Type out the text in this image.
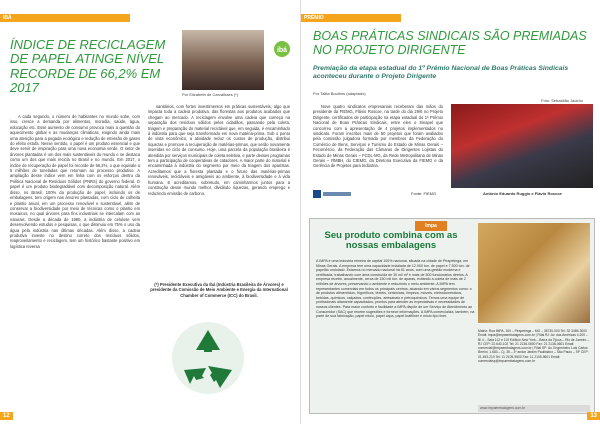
IBÁ
ÍNDICE DE RECICLAGEM DE PAPEL ATINGE NÍVEL RECORDE DE 66,2% EM 2017	Por Elizabeth de Carvalhaes (*)
ibá

A cada segundo, o número de habitantes no mundo sobe, com isso, cresce a demanda por alimentos, moradia, saúde, água, educação etc. Esse aumento de consumo provoca mais a questão do aquecimento global e as mudanças climáticas, exigindo ainda mais uma atenção para a pegada ecológica e redução de emissão de gases do efeito estufa. Nesse sentido, o papel é um produto essencial e que deve servir de inspiração para uma nova economia verde. O setor de árvores plantadas é um dos mais sustentáveis do mundo e se destaca como um dos que mais recicla no Brasil e no mundo. Em 2017, o índice de recuperação de papel foi recorde de 66,2%, o que equivale a 5 milhões de toneladas que retornam ao processo produtivo. A ampliação desse índice vem em linha com os esforços dentro da Política Nacional de Resíduos Sólidos (PNRS) do governo federal. O papel é um produto biodegradável com decomposição natural. Além disso, no Brasil, 100% da produção de papel, incluindo os de embalagens, tem origem nas árvores plantadas, com ciclo de colheita e plantio anual, em um processo renovável e sustentável, além de conservar a biodiversidade por meio de técnicas como o plantio em mosaicos, no qual árvores para fins industriais se intercalam com as naturais. Desde a década de 1980, a indústria de celulose vem desenvolvendo estudos e pesquisas, o que diminuiu em 75% o uso da água pela indústria nas últimas décadas. Além disso, a cadeia produtiva investe no destino correto dos resíduos sólidos, reaproveitamento e reciclagem, tem um histórico bastante positivo em logística reversa

sanitários, com fortes investimentos em práticas sustentáveis, algo que impacta toda a cadeia produtiva, das florestas aos produtos acabados que chegam ao mercado. A reciclagem envolve uma cadeia que começa na separação dos resíduos sólidos pelos cidadãos, passando pela coleta, triagem e preparação do material reciclável que, em seguida, é encaminhado à indústria para que seja transformado em nova matéria-prima. Sob o ponto de vista econômico, a atividade reduz os custos de produção, distribui riquezas e promove a recuperação de matérias-primas, que serão novamente inseridas no ciclo de consumo. Hoje, uma parcela da população brasileira é atendida por serviços municipais de coleta seletiva, e parte desses programas tem a participação de cooperativas de catadores. A maior parte do material é encaminhada à indústria do segmento por meio da triagem dos aparistas. Acreditamos que a floresta plantada e o futuro das matérias-primas renováveis, recicláveis e amigáveis ao ambiente, à biodiversidade e à vida humana. E acreditamos, sobretudo, em caminharmos juntos para a construção desse mundo melhor, dividindo riquezas, gerando emprego e reduzindo emissão de carbono.

(*) Presidente Executiva da Ibá (Indústria Brasileira de Árvores) e presidente da Comissão de Meio Ambiente e Energia da International Chamber of Commerce (ICC) do Brasil.
12
PRÊMIO
BOAS PRÁTICAS SINDICAIS SÃO PREMIADAS NO PROJETO DIRIGENTE
Premiação da etapa estadual do 1º Prêmio Nacional de Boas Práticas Sindicais aconteceu durante o Projeto Dirigente
Por Talita Boulhos (adaptado)
Foto: Sebastião Jacinto

Nove quatro sindicatos empresariais receberam das mãos do presidente da FIEMG, Flávio Roscoe, na tarde do dia 29/6 no Projeto Dirigente, certificados de participação na etapa estadual do 1º Prêmio Nacional de Boas Práticas Sindicais, entre eles o Sinapel que concorreu com a apresentação de 4 projetos implementados no sindicato. Foram inscritos mais de 50 projetos que foram avaliados pela comissão julgadora formada por membros da Federação do Comércio de Bens, Serviços e Turismo do Estado de Minas Gerais – Fecomércio, da Federação das Câmaras de Dirigentes Lojistas do Estado de Minas Gerais – FCDL-MG, da Rede Metropolitana de Minas Gerais – RMBH, do CIEMG, da Diretoria Executiva da FIEMG e da Gerência de Projetos para Indústria.

Fonte: FIEMG	Antônio Eduardo Ruggio e Flávio Roscoe
Impa
Seu produto combina com as nossas embalagens
A IMPA é uma indústria mineira de capital 100% nacional, situada na cidade de Pirapetinga, em Minas Gerais. A empresa tem uma capacidade instalada de 12.000 ton. de papel e 7.500 ton. de papelão ondulado. Estamos no mercado nacional há 61 anos, com uma gestão moderna e certificada, trabalhando com área construída de 30 mil m² e mais de 500 funcionários diretos. A empresa recebe, anualmente, cerca de 150 mil ton. de aparas, evitando a coleta de mais de 2 milhões de árvores, preservando o ambiente e reduzindo o meio ambiente. A IMPA tem representantes comerciais em todos os principais centros, atuando em vários segmentos como: o de produtos alimentícios, frigoríficos, têxteis, cerâmicas, limpeza, móveis, eletrodomésticos, bebidas, químicos, calçados, confecções, artesanato e petroquímicos. Temos uma equipe de profissionais altamente capacitados, prontos para atender as expectativas e necessidades de nossos clientes. Para maior conforto e facilidade a IMPA dispõe de um Serviço de Atendimento ao Consumidor (SAC) que recebe sugestões e fornece informações. A IMPA comercializa, também, na parte de sua fabricação, papel miolo, papel capa, papel kraftliner e miolo tipo liner.
Matriz: Rua IMPA, 160 – Pirapetinga – MG – 36730-000 Tel: 32 3465-3000 Email: impa@impaembalagens.com.br | Filial RJ: Av. das Américas 4.200 – Bl 4 – Sala 112 e 119 Edifício New York – Barra da Tijuca – Rio de Janeiro – RJ CEP: 22.640-102 Tel: 21 2136-0600 Fax: 21 2136-0601 Email: comercial@impaembalagens.com.br | Filial SP: Av. Engenheiro Luis Carlos Berrini, 1.683 – Cj. 35 – 3º andar Jardim Paulistano – São Paulo – SP CEP: 01.453-210 Tel: 11 2105-9500 Fax: 11 2105-9601 Email: comercialsp@impaembalagens.com.br
www.impaembalagens.com.br
13
